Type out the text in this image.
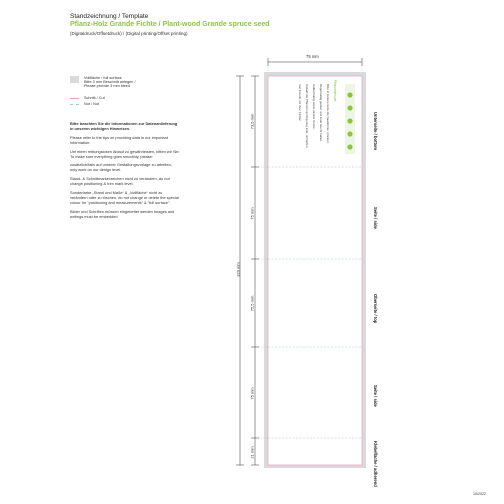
Standzeichnung / Template
Pflanz-Holz Grande Fichte / Plant-wood Grande spruce seed
(Digitaldruck/Offsetdruck) / (Digital printing/Offset printing)
Vollfläche / full surface
Bitte 3 mm Beschnitt anlegen /
Please provide 3 mm bleed
Schnitt / Cut
Nut / Nut

Bitte beachten Sie die Informationen zur Datenanlieferung in unseren wichtigen Hinweisen.

Please refer to the tips on providing data in our important information.

Um einen reibungslosen Ablauf zu gewährleisten, bitten wir Sie: To make sure everything goes smoothly, please:

zusätzlich/falls auf unserer Gestaltungsvorlage zu arbeiten, only work on our design level.

Stand- & Schnittmarkerzeichen nicht zu verändern, do not change positioning & trim mark level.

Sonderfarbe „Stand und Maße“ & „Vollfläche“ nicht zu verändern oder zu löschen, do not change or delete the special colour for "positioning and measurements" & "full surface".

Bilder und Schriften müssen eingebettet werden Images and writings must be embedded

75 mm
320 mm
73,5 mm
75 mm
75,5 mm
75 mm
21 mm
Pflanzenfreude
Bitte in lockere Erde die Saatkörner drücken.
Regelmäßig gießen und Erde feucht halten.
Halbschattig, keine direkte Sonne.
Sobald die Pflanzen groß genug sind, umtopfen.
Viel Freude mit Ihrer Fichte!
Unterseite / bottom
Seite / side
Oberseite / top
Seite / side
Klebefläche / adherend
10/2022
